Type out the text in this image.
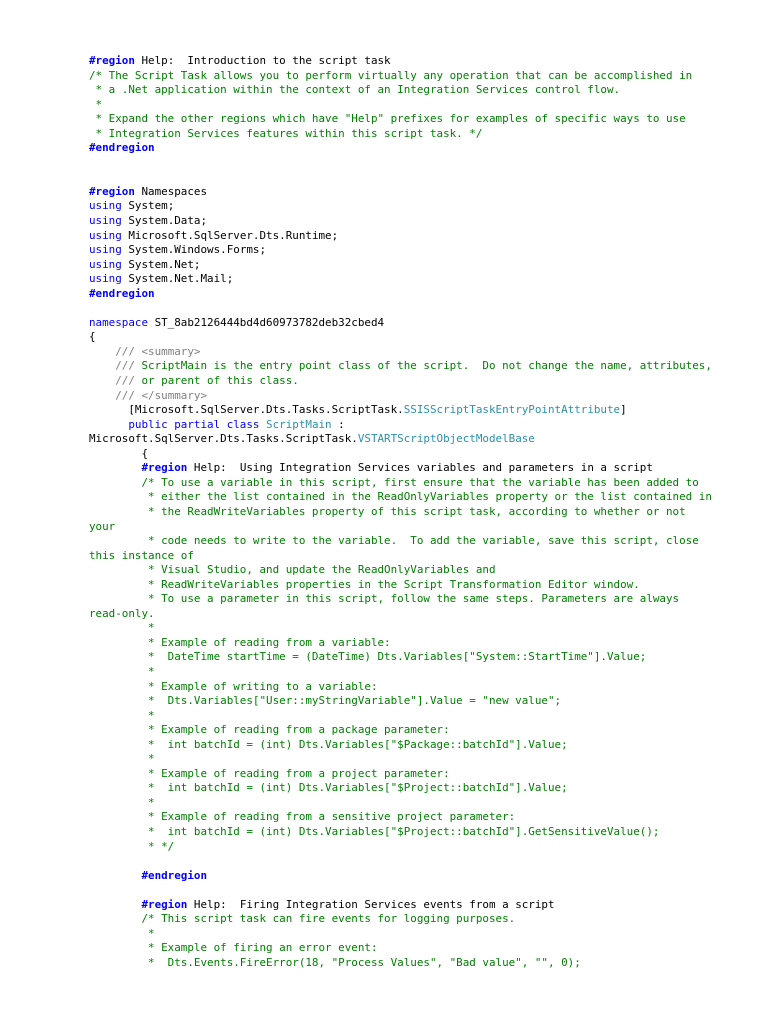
#region Help:  Introduction to the script task
/* The Script Task allows you to perform virtually any operation that can be accomplished in
* a .Net application within the context of an Integration Services control flow.
*
* Expand the other regions which have "Help" prefixes for examples of specific ways to use
* Integration Services features within this script task. */
#endregion

#region Namespaces
using System;
using System.Data;
using Microsoft.SqlServer.Dts.Runtime;
using System.Windows.Forms;
using System.Net;
using System.Net.Mail;
#endregion

namespace ST_8ab2126444bd4d60973782deb32cbed4
{
/// <summary>
/// ScriptMain is the entry point class of the script.  Do not change the name, attributes,
/// or parent of this class.
/// </summary>
[Microsoft.SqlServer.Dts.Tasks.ScriptTask.SSISScriptTaskEntryPointAttribute]
public partial class ScriptMain :
Microsoft.SqlServer.Dts.Tasks.ScriptTask.VSTARTScriptObjectModelBase
{
#region Help:  Using Integration Services variables and parameters in a script
/* To use a variable in this script, first ensure that the variable has been added to
* either the list contained in the ReadOnlyVariables property or the list contained in
* the ReadWriteVariables property of this script task, according to whether or not
your
* code needs to write to the variable.  To add the variable, save this script, close
this instance of
* Visual Studio, and update the ReadOnlyVariables and
* ReadWriteVariables properties in the Script Transformation Editor window.
* To use a parameter in this script, follow the same steps. Parameters are always
read-only.
*
* Example of reading from a variable:
*  DateTime startTime = (DateTime) Dts.Variables["System::StartTime"].Value;
*
* Example of writing to a variable:
*  Dts.Variables["User::myStringVariable"].Value = "new value";
*
* Example of reading from a package parameter:
*  int batchId = (int) Dts.Variables["$Package::batchId"].Value;
*
* Example of reading from a project parameter:
*  int batchId = (int) Dts.Variables["$Project::batchId"].Value;
*
* Example of reading from a sensitive project parameter:
*  int batchId = (int) Dts.Variables["$Project::batchId"].GetSensitiveValue();
* */

#endregion

#region Help:  Firing Integration Services events from a script
/* This script task can fire events for logging purposes.
*
* Example of firing an error event:
*  Dts.Events.FireError(18, "Process Values", "Bad value", "", 0);
